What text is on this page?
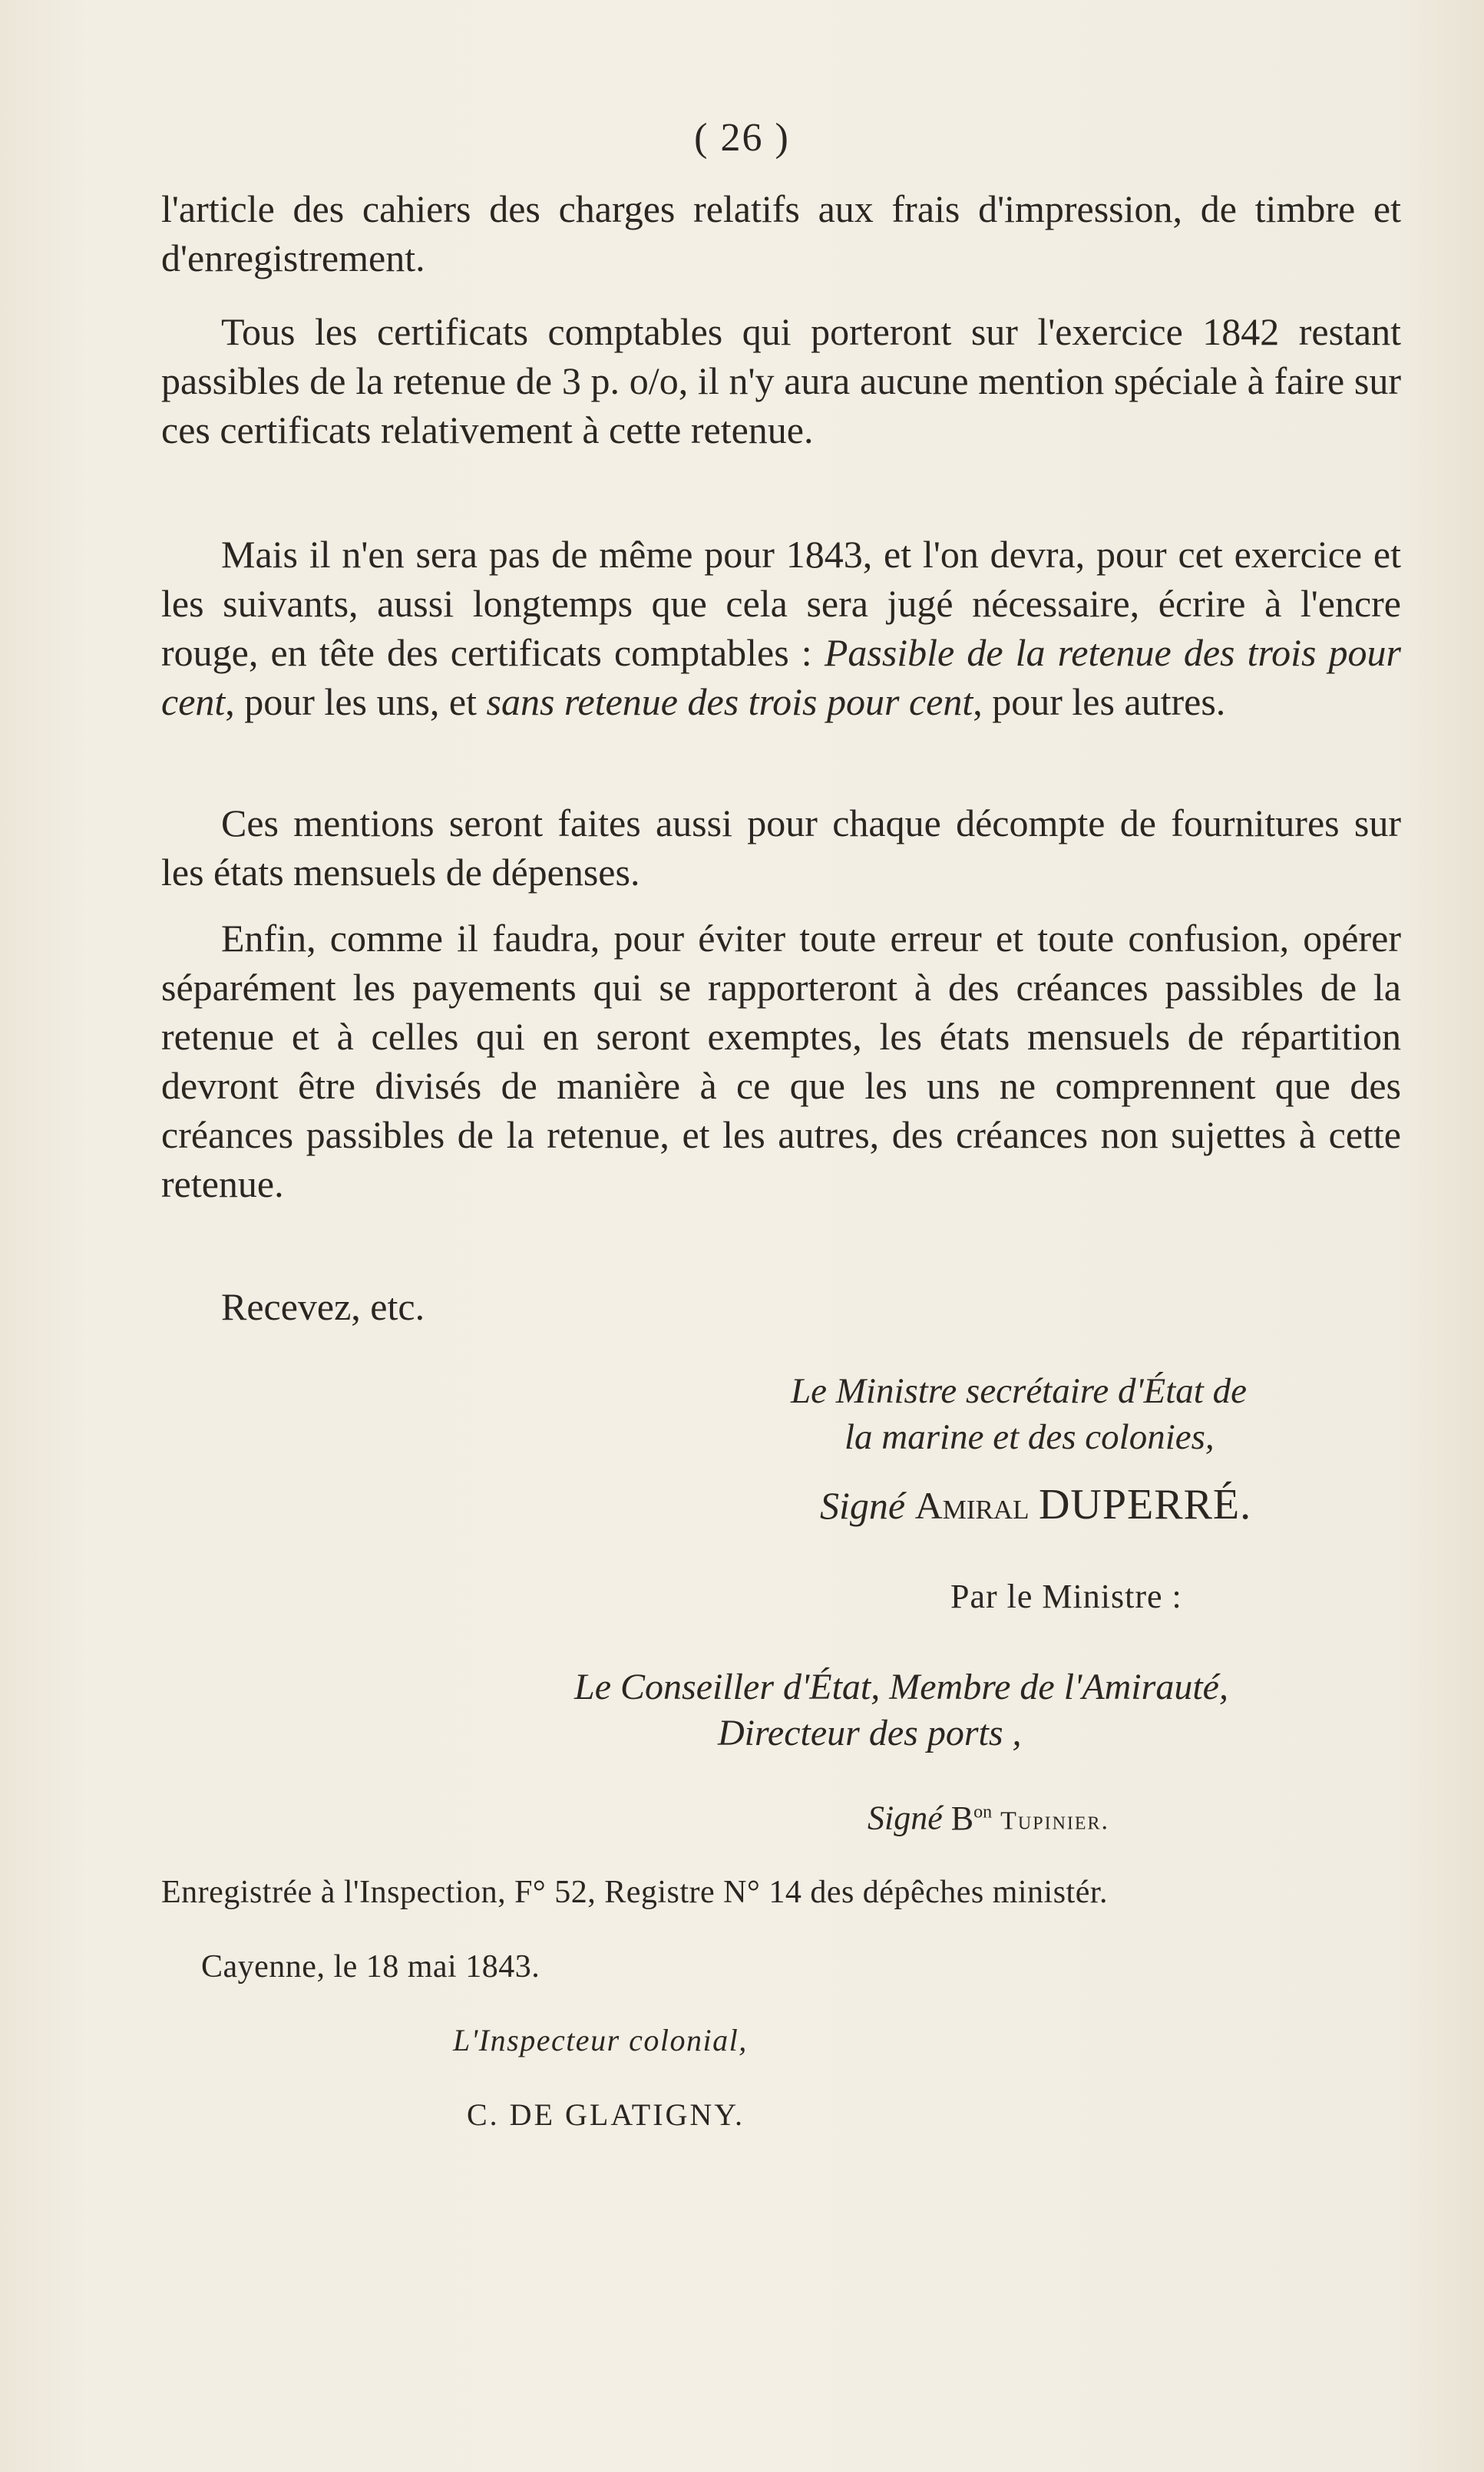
( 26 )

l'article des cahiers des charges relatifs aux frais d'impression, de timbre et d'enregistrement.

Tous les certificats comptables qui porteront sur l'exercice 1842 restant passibles de la retenue de 3 p. o/o, il n'y aura aucune mention spéciale à faire sur ces certificats relativement à cette retenue.

Mais il n'en sera pas de même pour 1843, et l'on devra, pour cet exercice et les suivants, aussi longtemps que cela sera jugé nécessaire, écrire à l'encre rouge, en tête des certificats comptables : Passible de la retenue des trois pour cent, pour les uns, et sans retenue des trois pour cent, pour les autres.

Ces mentions seront faites aussi pour chaque décompte de fournitures sur les états mensuels de dépenses.

Enfin, comme il faudra, pour éviter toute erreur et toute confusion, opérer séparément les payements qui se rapporteront à des créances passibles de la retenue et à celles qui en seront exemptes, les états mensuels de répartition devront être divisés de manière à ce que les uns ne comprennent que des créances passibles de la retenue, et les autres, des créances non sujettes à cette retenue.

Recevez, etc.

Le Ministre secrétaire d'État de
la marine et des colonies,
Signé Amiral DUPERRÉ.
Par le Ministre :
Le Conseiller d'État, Membre de l'Amirauté,
Directeur des ports ,
Signé $B^{on}$ Tupinier.
Enregistrée à l'Inspection, F° 52, Registre N° 14 des dépêches ministér.
Cayenne, le 18 mai 1843.
L'Inspecteur colonial,
C. DE GLATIGNY.
